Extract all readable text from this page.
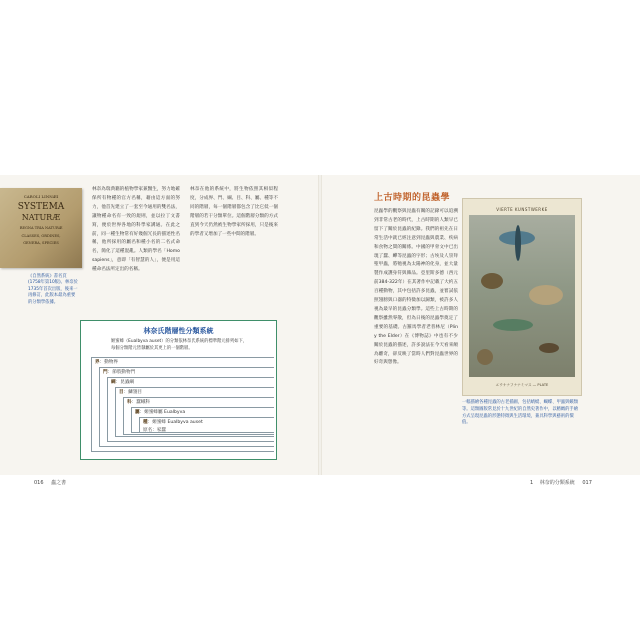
CAROLI LINNÆI
SYSTEMA
NATURÆ
REGNA TRIA NATURÆ
CLASSES, ORDINES,
GENERA, SPECIES
《自然系統》書名頁 (1758年第10版)。林奈於1735年首次出版，後來一再修訂，此版本最為重要的分類學依據。
林奈為瑞典籍的植物學家兼醫生，努力地確保所有物種的官方名稱，藉由這方面的努力，他首先建立了一套至今通用的雙名法，讓物種命名有一致的規則，並以拉丁文書寫，便於世界各地的科學家溝通。在此之前，同一種生物常有好幾個冗長的描述性名稱，他所採用的屬名和種小名的二名式命名，簡化了這種混亂。人類的學名「Homo sapiens」，意即「有智慧的人」，便是用這種命名法所定出的名稱。
林奈在他的系統中，將生物依照其相似程度，分成界、門、綱、目、科、屬、種等不同的階層，每一個階層都包含了比它低一個階層的若干分類單位。這個階層分類的方式直到今天仍然被生物學家所採用，只是後來的學者又增加了一些中間的階層。
林奈氏階層性分類系統
姬蜜蜂（Eualbyva auset）的分類依林奈氏系統的標準階元排列如下，每個分類階元皆隸屬於其更上的一個階層。
界：動物界
門：節肢動物門
綱：昆蟲綱
目：鱗翅目
科：蠶蛾科
屬：姬蜜蜂屬 Eualbyva
種：姬蜜蜂 Eualbyva auset
原名：家蠶
上古時期的昆蟲學
昆蟲學的觀察與昆蟲有關的記錄可以追溯到非常古老的時代，上古時期的人類早已留下了關於昆蟲的紀錄。我們的祖先在日常生活中就已經注意到昆蟲與農業、疾病和食物之間的關係。中國的甲骨文中已出現了蠶、蟬等昆蟲的字形；古埃及人崇拜聖甲蟲，將牠視為太陽神的化身，並大量製作成護身符與飾品。亞里斯多德（西元前384-322年）在其著作中記載了大約五百種動物，其中包括許多昆蟲，並嘗試依照翅膀與口器的特徵加以歸類，被許多人視為最早的昆蟲分類學。這些上古時期的觀察雖然零散，但為日後的昆蟲學奠定了重要的基礎。古羅馬學者老普林尼（Pliny the Elder）在《博物誌》中也有不少關於昆蟲的描述，許多說法在今天看來頗為離奇，卻反映了當時人們對昆蟲世界的好奇與想像。
VIERTE KUNSTWERKE
エウケナフナナミマス — PLATE
一幅描繪各種昆蟲的古老插圖，包括蜻蜓、蝴蝶、甲蟲與蛾類等。這類圖版常見於十九世紀的自然史著作中，以精緻的手繪方式呈現昆蟲的形態特徵與生活環境，兼具科學與藝術的價值。
016 蟲之書	1 　林奈的分類系統 017
